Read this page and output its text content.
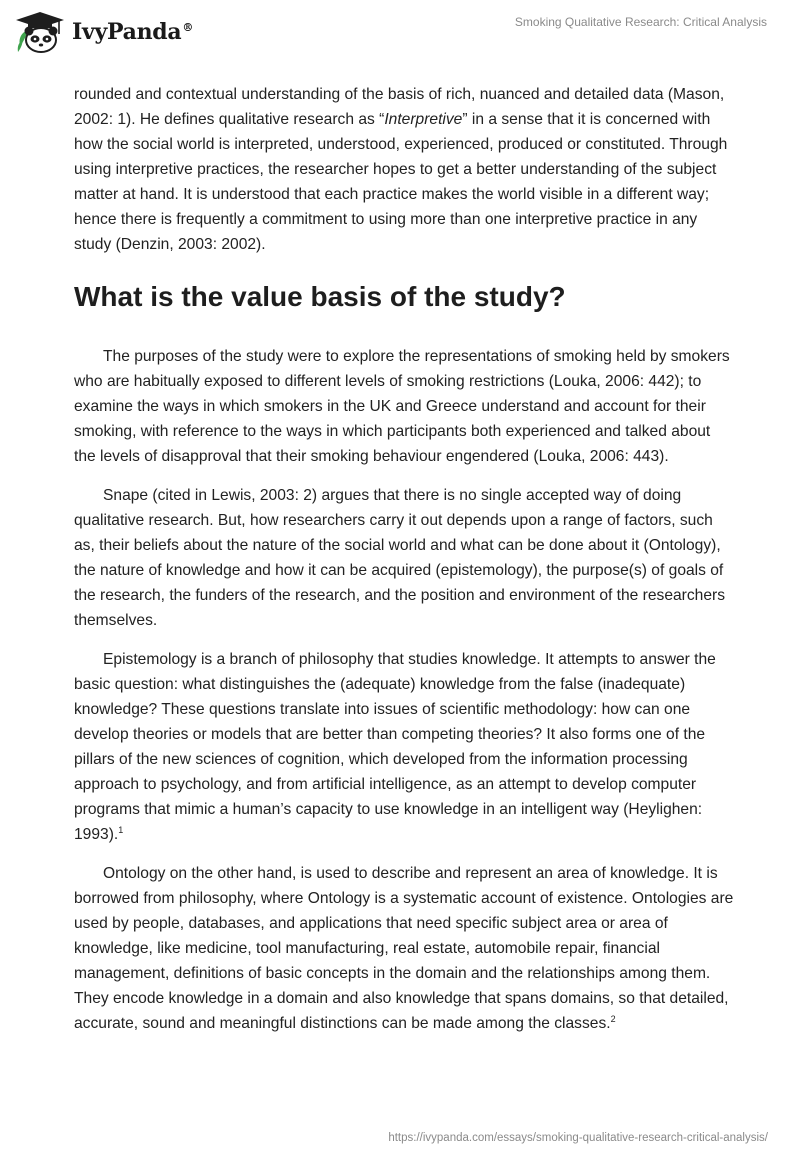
IvyPanda®	Smoking Qualitative Research: Critical Analysis

rounded and contextual understanding of the basis of rich, nuanced and detailed data (Mason, 2002: 1). He defines qualitative research as “Interpretive” in a sense that it is concerned with how the social world is interpreted, understood, experienced, produced or constituted. Through using interpretive practices, the researcher hopes to get a better understanding of the subject matter at hand. It is understood that each practice makes the world visible in a different way; hence there is frequently a commitment to using more than one interpretive practice in any study (Denzin, 2003: 2002).

What is the value basis of the study?

The purposes of the study were to explore the representations of smoking held by smokers who are habitually exposed to different levels of smoking restrictions (Louka, 2006: 442); to examine the ways in which smokers in the UK and Greece understand and account for their smoking, with reference to the ways in which participants both experienced and talked about the levels of disapproval that their smoking behaviour engendered (Louka, 2006: 443).

Snape (cited in Lewis, 2003: 2) argues that there is no single accepted way of doing qualitative research. But, how researchers carry it out depends upon a range of factors, such as, their beliefs about the nature of the social world and what can be done about it (Ontology), the nature of knowledge and how it can be acquired (epistemology), the purpose(s) of goals of the research, the funders of the research, and the position and environment of the researchers themselves.

Epistemology is a branch of philosophy that studies knowledge. It attempts to answer the basic question: what distinguishes the (adequate) knowledge from the false (inadequate) knowledge? These questions translate into issues of scientific methodology: how can one develop theories or models that are better than competing theories? It also forms one of the pillars of the new sciences of cognition, which developed from the information processing approach to psychology, and from artificial intelligence, as an attempt to develop computer programs that mimic a human’s capacity to use knowledge in an intelligent way (Heylighen: 1993).$^1$

Ontology on the other hand, is used to describe and represent an area of knowledge. It is borrowed from philosophy, where Ontology is a systematic account of existence. Ontologies are used by people, databases, and applications that need specific subject area or area of knowledge, like medicine, tool manufacturing, real estate, automobile repair, financial management, definitions of basic concepts in the domain and the relationships among them. They encode knowledge in a domain and also knowledge that spans domains, so that detailed, accurate, sound and meaningful distinctions can be made among the classes.$^2$

https://ivypanda.com/essays/smoking-qualitative-research-critical-analysis/
